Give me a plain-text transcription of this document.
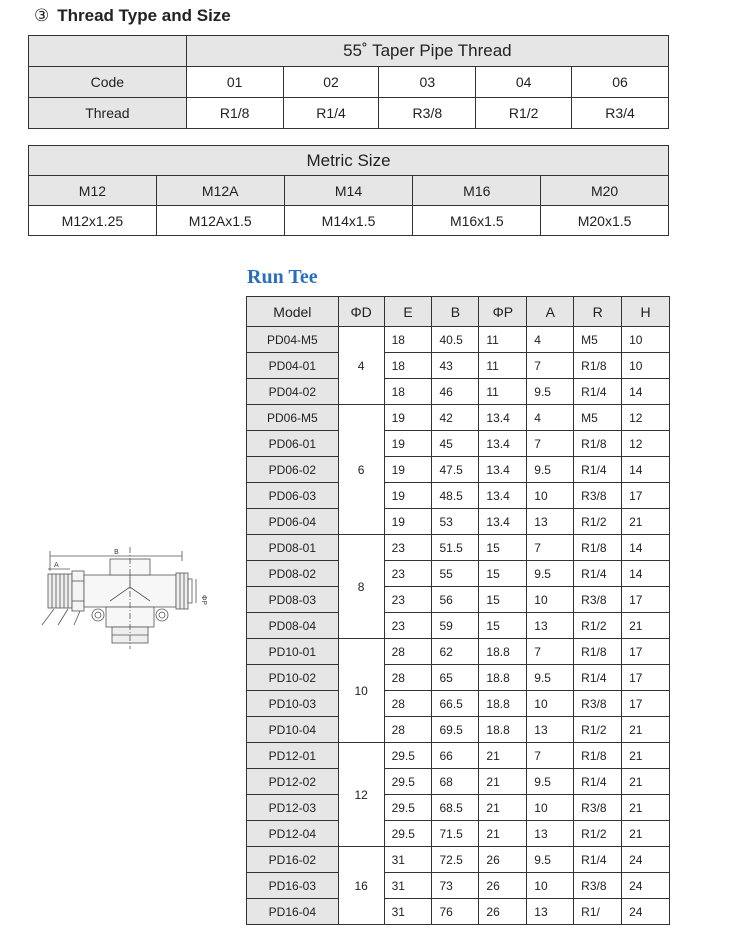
③ Thread Type and Size
	55˚ Taper Pipe Thread				
Code	01	02	03	04	06
Thread	R1/8	R1/4	R3/8	R1/2	R3/4
Metric Size				
M12	M12A	M14	M16	M20
M12x1.25	M12Ax1.5	M14x1.5	M16x1.5	M20x1.5
Run Tee
B
A
ΦP
Model	ΦD	E	B	ΦP	A	R	H
PD04-M5	4	18	40.5	11	4	M5	10
PD04-01		18	43	11	7	R1/8	10
PD04-02		18	46	11	9.5	R1/4	14
PD06-M5	6	19	42	13.4	4	M5	12
PD06-01		19	45	13.4	7	R1/8	12
PD06-02		19	47.5	13.4	9.5	R1/4	14
PD06-03		19	48.5	13.4	10	R3/8	17
PD06-04		19	53	13.4	13	R1/2	21
PD08-01	8	23	51.5	15	7	R1/8	14
PD08-02		23	55	15	9.5	R1/4	14
PD08-03		23	56	15	10	R3/8	17
PD08-04		23	59	15	13	R1/2	21
PD10-01	10	28	62	18.8	7	R1/8	17
PD10-02		28	65	18.8	9.5	R1/4	17
PD10-03		28	66.5	18.8	10	R3/8	17
PD10-04		28	69.5	18.8	13	R1/2	21
PD12-01	12	29.5	66	21	7	R1/8	21
PD12-02		29.5	68	21	9.5	R1/4	21
PD12-03		29.5	68.5	21	10	R3/8	21
PD12-04		29.5	71.5	21	13	R1/2	21
PD16-02	16	31	72.5	26	9.5	R1/4	24
PD16-03		31	73	26	10	R3/8	24
PD16-04		31	76	26	13	R1/	24
